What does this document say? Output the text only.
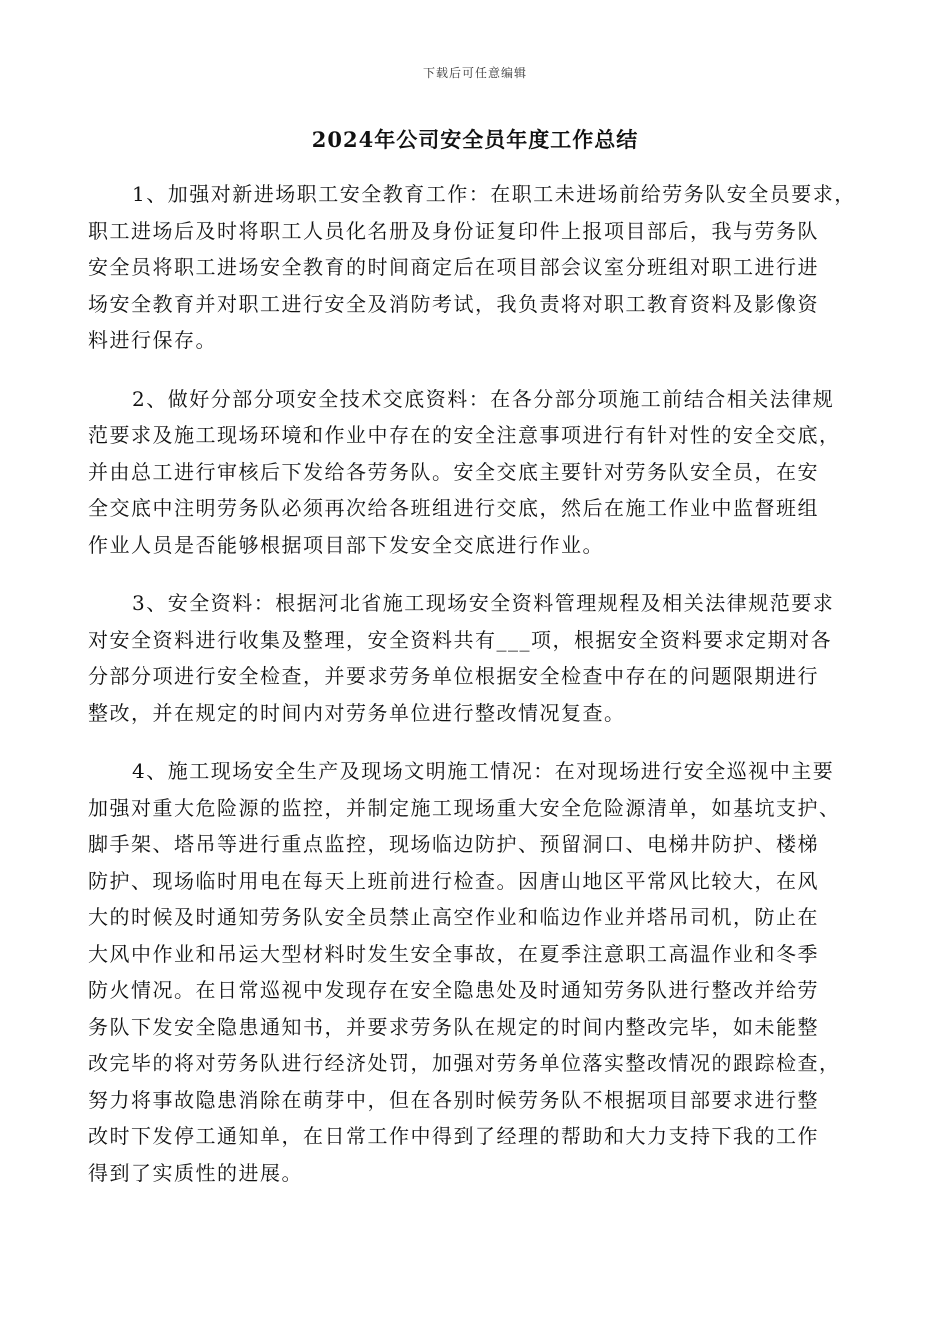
下载后可任意编辑
2024年公司安全员年度工作总结
1、加强对新进场职工安全教育工作：在职工未进场前给劳务队安全员要求，
职工进场后及时将职工人员化名册及身份证复印件上报项目部后，我与劳务队
安全员将职工进场安全教育的时间商定后在项目部会议室分班组对职工进行进
场安全教育并对职工进行安全及消防考试，我负责将对职工教育资料及影像资
料进行保存。
2、做好分部分项安全技术交底资料：在各分部分项施工前结合相关法律规
范要求及施工现场环境和作业中存在的安全注意事项进行有针对性的安全交底，
并由总工进行审核后下发给各劳务队。安全交底主要针对劳务队安全员，在安
全交底中注明劳务队必须再次给各班组进行交底，然后在施工作业中监督班组
作业人员是否能够根据项目部下发安全交底进行作业。
3、安全资料：根据河北省施工现场安全资料管理规程及相关法律规范要求
对安全资料进行收集及整理，安全资料共有___项，根据安全资料要求定期对各
分部分项进行安全检查，并要求劳务单位根据安全检查中存在的问题限期进行
整改，并在规定的时间内对劳务单位进行整改情况复查。
4、施工现场安全生产及现场文明施工情况：在对现场进行安全巡视中主要
加强对重大危险源的监控，并制定施工现场重大安全危险源清单，如基坑支护、
脚手架、塔吊等进行重点监控，现场临边防护、预留洞口、电梯井防护、楼梯
防护、现场临时用电在每天上班前进行检查。因唐山地区平常风比较大，在风
大的时候及时通知劳务队安全员禁止高空作业和临边作业并塔吊司机，防止在
大风中作业和吊运大型材料时发生安全事故，在夏季注意职工高温作业和冬季
防火情况。在日常巡视中发现存在安全隐患处及时通知劳务队进行整改并给劳
务队下发安全隐患通知书，并要求劳务队在规定的时间内整改完毕，如未能整
改完毕的将对劳务队进行经济处罚，加强对劳务单位落实整改情况的跟踪检查，
努力将事故隐患消除在萌芽中，但在各别时候劳务队不根据项目部要求进行整
改时下发停工通知单，在日常工作中得到了经理的帮助和大力支持下我的工作
得到了实质性的进展。
